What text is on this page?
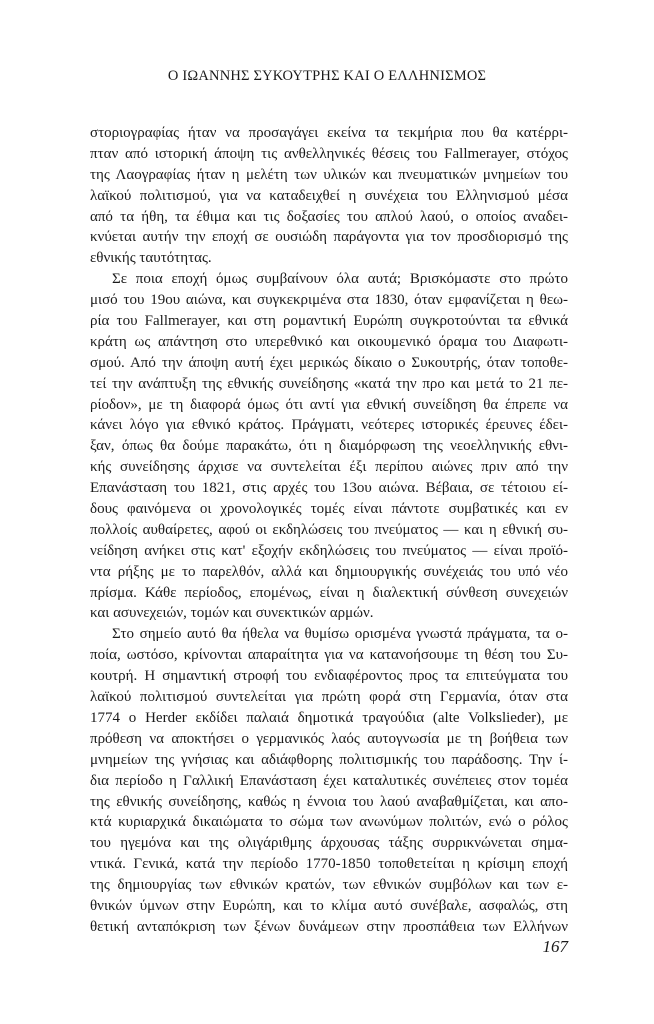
Ο ΙΩΑΝΝΗΣ ΣΥΚΟΥΤΡΗΣ ΚΑΙ Ο ΕΛΛΗΝΙΣΜΟΣ
στοριογραφίας ήταν να προσαγάγει εκείνα τα τεκμήρια που θα κατέρρι-
πταν από ιστορική άποψη τις ανθελληνικές θέσεις του Fallmerayer, στόχος
της Λαογραφίας ήταν η μελέτη των υλικών και πνευματικών μνημείων του
λαϊκού πολιτισμού, για να καταδειχθεί η συνέχεια του Ελληνισμού μέσα
από τα ήθη, τα έθιμα και τις δοξασίες του απλού λαού, ο οποίος αναδει-
κνύεται αυτήν την εποχή σε ουσιώδη παράγοντα για τον προσδιορισμό της
εθνικής ταυτότητας.
Σε ποια εποχή όμως συμβαίνουν όλα αυτά; Βρισκόμαστε στο πρώτο
μισό του 19ου αιώνα, και συγκεκριμένα στα 1830, όταν εμφανίζεται η θεω-
ρία του Fallmerayer, και στη ρομαντική Ευρώπη συγκροτούνται τα εθνικά
κράτη ως απάντηση στο υπερεθνικό και οικουμενικό όραμα του Διαφωτι-
σμού. Από την άποψη αυτή έχει μερικώς δίκαιο ο Συκουτρής, όταν τοποθε-
τεί την ανάπτυξη της εθνικής συνείδησης «κατά την προ και μετά το 21 πε-
ρίοδον», με τη διαφορά όμως ότι αντί για εθνική συνείδηση θα έπρεπε να
κάνει λόγο για εθνικό κράτος. Πράγματι, νεότερες ιστορικές έρευνες έδει-
ξαν, όπως θα δούμε παρακάτω, ότι η διαμόρφωση της νεοελληνικής εθνι-
κής συνείδησης άρχισε να συντελείται έξι περίπου αιώνες πριν από την
Επανάσταση του 1821, στις αρχές του 13ου αιώνα. Βέβαια, σε τέτοιου εί-
δους φαινόμενα οι χρονολογικές τομές είναι πάντοτε συμβατικές και εν
πολλοίς αυθαίρετες, αφού οι εκδηλώσεις του πνεύματος — και η εθνική συ-
νείδηση ανήκει στις κατ' εξοχήν εκδηλώσεις του πνεύματος — είναι προϊό-
ντα ρήξης με το παρελθόν, αλλά και δημιουργικής συνέχειάς του υπό νέο
πρίσμα. Κάθε περίοδος, επομένως, είναι η διαλεκτική σύνθεση συνεχειών
και ασυνεχειών, τομών και συνεκτικών αρμών.
Στο σημείο αυτό θα ήθελα να θυμίσω ορισμένα γνωστά πράγματα, τα ο-
ποία, ωστόσο, κρίνονται απαραίτητα για να κατανοήσουμε τη θέση του Συ-
κουτρή. Η σημαντική στροφή του ενδιαφέροντος προς τα επιτεύγματα του
λαϊκού πολιτισμού συντελείται για πρώτη φορά στη Γερμανία, όταν στα
1774 ο Herder εκδίδει παλαιά δημοτικά τραγούδια (alte Volkslieder), με
πρόθεση να αποκτήσει ο γερμανικός λαός αυτογνωσία με τη βοήθεια των
μνημείων της γνήσιας και αδιάφθορης πολιτισμικής του παράδοσης. Την ί-
δια περίοδο η Γαλλική Επανάσταση έχει καταλυτικές συνέπειες στον τομέα
της εθνικής συνείδησης, καθώς η έννοια του λαού αναβαθμίζεται, και απο-
κτά κυριαρχικά δικαιώματα το σώμα των ανωνύμων πολιτών, ενώ ο ρόλος
του ηγεμόνα και της ολιγάριθμης άρχουσας τάξης συρρικνώνεται σημα-
ντικά. Γενικά, κατά την περίοδο 1770-1850 τοποθετείται η κρίσιμη εποχή
της δημιουργίας των εθνικών κρατών, των εθνικών συμβόλων και των ε-
θνικών ύμνων στην Ευρώπη, και το κλίμα αυτό συνέβαλε, ασφαλώς, στη
θετική ανταπόκριση των ξένων δυνάμεων στην προσπάθεια των Ελλήνων
167
